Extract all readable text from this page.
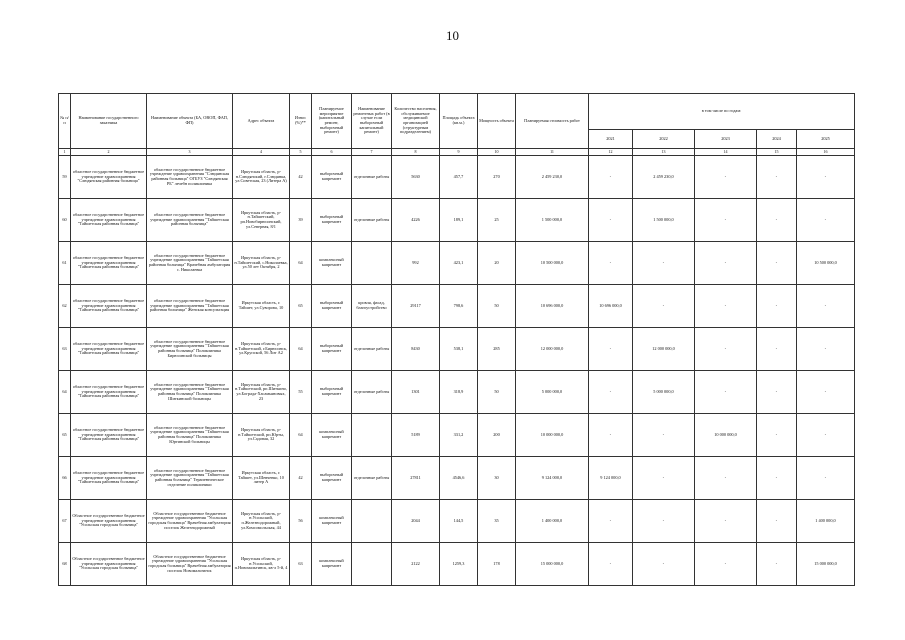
10
№ п/п	Наименование государственного заказчика	Наименование объекта (БА, ОВОП, ФАП, ФП)	Адрес объекта	Износ (%)**	Планируемое мероприятие (капитальный ремонт, выборочный ремонт)	Наименование ремонтных работ (в случае если выборочный капитальный ремонт)	Количество населения, обслуживаемое медицинской организацией (структурным подразделением)	Площадь объекта (кв.м.)	Мощность объекта	Планируемая стоимость работ	в том числе по годам:				
											2021	2022	2023	2024	2025
1	2	3	4	5	6	7	8	9	10	11	12	13	14	15	16
59	областное государственное бюджетное учреждение здравоохранения "Слюдянская районная больница"	областное государственное бюджетное учреждение здравоохранения "Слюдянская районная больница" ОГБУЗ "Слюдянская РБ" лечебн поликлиника	Иркутская область, р-н.Слюдянский, г.Слюдянка, ул.Советская, 23 (Литера А)	42	выборочный капремонт	отделочные работы	5630	457,7	270	2 459 230,0	-	2 459 230,0	-	-	-
60	областное государственное бюджетное учреждение здравоохранения "Тайшетская районная больница"	областное государственное бюджетное учреждение здравоохранения "Тайшетская районная больница"	Иркутская область, р-н.Тайшетский, рп.Новобирюсинский, ул.Северная, 8/1	39	выборочный капремонт	отделочные работы	4226	189,1	25	1 500 000,0	-	1 500 000,0	-	-	-
61	областное государственное бюджетное учреждение здравоохранения "Тайшетская районная больница"	областное государственное бюджетное учреждение здравоохранения "Тайшетская районная больница" Врачебная амбулатория с. Николаевка	Иркутская область, р-н.Тайшетский, с.Николаевка, ул.50 лет Октября, 2	64	комплексный капремонт		992	423,1	20	10 500 000,0	-	-	-	-	10 500 000,0
62	областное государственное бюджетное учреждение здравоохранения "Тайшетская районная больница"	областное государственное бюджетное учреждение здравоохранения "Тайшетская районная больница" Женская консультация	Иркутская область, г. Тайшет, ул.Суворова, 10	65	выборочный капремонт	кровля, фасад, благоустройство	29117	798,6	50	10 696 000,0	10 696 000,0	-	-	-	-
63	областное государственное бюджетное учреждение здравоохранения "Тайшетская районная больница"	областное государственное бюджетное учреждение здравоохранения "Тайшетская районная больница" Поликлиника Бирюсинской больницы	Иркутская область, р-н.Тайшетский, г.Бирюсинск, ул.Крупской, 56 Лит А2	64	выборочный капремонт	отделочные работы	8430	538,1	285	12 000 000,0	-	12 000 000,0	-	-	-
64	областное государственное бюджетное учреждение здравоохранения "Тайшетская районная больница"	областное государственное бюджетное учреждение здравоохранения "Тайшетская районная больница" Поликлиника Шиткинской больницы	Иркутская область, р-н.Тайшетский, рп.Шиткино, ул.Бограда-Хасамьяновых, 23	55	выборочный капремонт	отделочные работы	1301	318,9	50	5 000 000,0	-	5 000 000,0	-	-	-
65	областное государственное бюджетное учреждение здравоохранения "Тайшетская районная больница"	областное государственное бюджетное учреждение здравоохранения "Тайшетская районная больница" Поликлиника Юртинской больницы	Иркутская область, р-н.Тайшетский, рп.Юрты, ул.Садовая, 32	64	комплексный капремонт		5189	331,2	200	10 000 000,0	-	-	10 000 000,0	-	-
66	областное государственное бюджетное учреждение здравоохранения "Тайшетская районная больница"	областное государственное бюджетное учреждение здравоохранения "Тайшетская районная больница" Терапевтическое отделение поликлиники	Иркутская область, г. Тайшет, ул.Шевченко, 10 литер А	42	выборочный капремонт	отделочные работы	27811	4546,6	30	9 124 000,0	9 124 000,0	-	-	-	-
67	Областное государственное бюджетное учреждение здравоохранения "Усольская городская больница"	Областное государственное бюджетное учреждение здравоохранения "Усольская городская больница" Врачебная амбулатория поселок Железнодорожный	Иркутская область, р-н.Усольский, п.Железнодорожный, ул.Комсомольская, 44	56	комплексный капремонт		2044	144,5	35	1 400 000,0	-	-	-	-	1 400 000,0
68	Областное государственное бюджетное учреждение здравоохранения "Усольская городская больница"	Областное государственное бюджетное учреждение здравоохранения "Усольская городская больница" Врачебная амбулатория поселок Новомальтинск	Иркутская область, р-н.Усольский, п.Новомальтинск, кв-л 5-й, 4	63	комплексный капремонт		2122	1259,3	178	15 000 000,0	-	-	-	-	15 000 000,0
